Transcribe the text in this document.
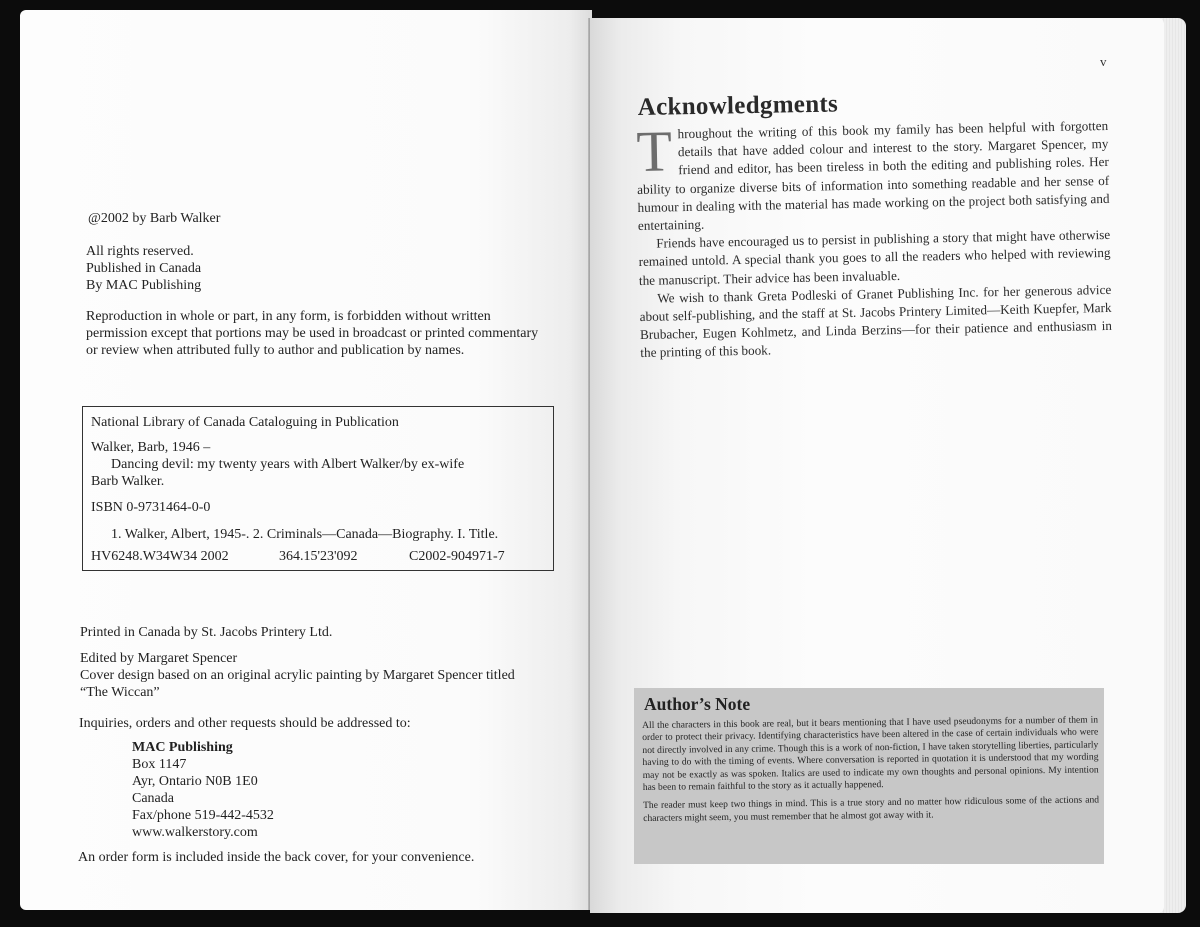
@2002 by Barb Walker

All rights reserved.

Published in Canada

By MAC Publishing

Reproduction in whole or part, in any form, is forbidden without written

permission except that portions may be used in broadcast or printed commentary

or review when attributed fully to author and publication by names.

National Library of Canada Cataloguing in Publication

Walker, Barb, 1946 –

Dancing devil: my twenty years with Albert Walker/by ex-wife

Barb Walker.

ISBN 0-9731464-0-0

1. Walker, Albert, 1945-. 2. Criminals—Canada—Biography. I. Title.

HV6248.W34W34 2002	364.15'23'092	C2002-904971-7

Printed in Canada by St. Jacobs Printery Ltd.

Edited by Margaret Spencer

Cover design based on an original acrylic painting by Margaret Spencer titled

“The Wiccan”

Inquiries, orders and other requests should be addressed to:

MAC Publishing

Box 1147

Ayr, Ontario N0B 1E0

Canada

Fax/phone 519-442-4532

www.walkerstory.com

An order form is included inside the back cover, for your convenience.

v
Acknowledgments

Throughout the writing of this book my family has been helpful with forgotten details that have added colour and interest to the story. Margaret Spencer, my friend and editor, has been tireless in both the editing and publishing roles. Her ability to organize diverse bits of information into something readable and her sense of humour in dealing with the material has made working on the project both satisfying and entertaining.

Friends have encouraged us to persist in publishing a story that might have otherwise remained untold. A special thank you goes to all the readers who helped with reviewing the manuscript. Their advice has been invaluable.

We wish to thank Greta Podleski of Granet Publishing Inc. for her generous advice about self-publishing, and the staff at St. Jacobs Printery Limited—Keith Kuepfer, Mark Brubacher, Eugen Kohlmetz, and Linda Berzins—for their patience and enthusiasm in the printing of this book.

Author’s Note

All the characters in this book are real, but it bears mentioning that I have used pseudonyms for a number of them in order to protect their privacy. Identifying characteristics have been altered in the case of certain individuals who were not directly involved in any crime. Though this is a work of non-fiction, I have taken storytelling liberties, particularly having to do with the timing of events. Where conversation is reported in quotation it is understood that my wording may not be exactly as was spoken. Italics are used to indicate my own thoughts and personal opinions. My intention has been to remain faithful to the story as it actually happened.

The reader must keep two things in mind. This is a true story and no matter how ridiculous some of the actions and characters might seem, you must remember that he almost got away with it.
